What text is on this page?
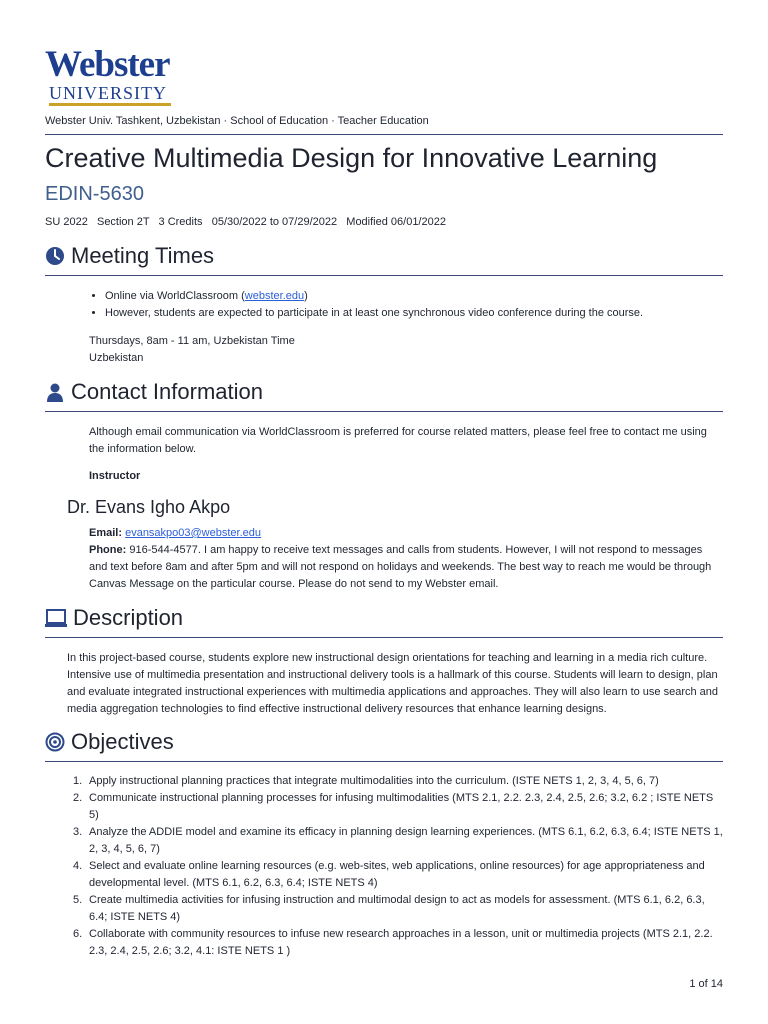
Webster
UNIVERSITY
Webster Univ. Tashkent, Uzbekistan · School of Education · Teacher Education
Creative Multimedia Design for Innovative Learning
EDIN-5630
SU 2022   Section 2T   3 Credits   05/30/2022 to 07/29/2022   Modified 06/01/2022
Meeting Times
• Online via WorldClassroom (webster.edu)
• However, students are expected to participate in at least one synchronous video conference during the course.
Thursdays, 8am - 11 am, Uzbekistan Time
Uzbekistan
Contact Information
Although email communication via WorldClassroom is preferred for course related matters, please feel free to contact me using the information below.
Instructor
Dr. Evans Igho Akpo
Email: evansakpo03@webster.edu
Phone: 916-544-4577. I am happy to receive text messages and calls from students. However, I will not respond to messages and text before 8am and after 5pm and will not respond on holidays and weekends. The best way to reach me would be through Canvas Message on the particular course. Please do not send to my Webster email.
Description
In this project-based course, students explore new instructional design orientations for teaching and learning in a media rich culture. Intensive use of multimedia presentation and instructional delivery tools is a hallmark of this course. Students will learn to design, plan and evaluate integrated instructional experiences with multimedia applications and approaches. They will also learn to use search and media aggregation technologies to find effective instructional delivery resources that enhance learning designs.
Objectives
1. Apply instructional planning practices that integrate multimodalities into the curriculum. (ISTE NETS 1, 2, 3, 4, 5, 6, 7)
2. Communicate instructional planning processes for infusing multimodalities (MTS 2.1, 2.2. 2.3, 2.4, 2.5, 2.6; 3.2, 6.2 ; ISTE NETS 5)
3. Analyze the ADDIE model and examine its efficacy in planning design learning experiences. (MTS 6.1, 6.2, 6.3, 6.4; ISTE NETS 1, 2, 3, 4, 5, 6, 7)
4. Select and evaluate online learning resources (e.g. web-sites, web applications, online resources) for age appropriateness and developmental level. (MTS 6.1, 6.2, 6.3, 6.4; ISTE NETS 4)
5. Create multimedia activities for infusing instruction and multimodal design to act as models for assessment. (MTS 6.1, 6.2, 6.3, 6.4; ISTE NETS 4)
6. Collaborate with community resources to infuse new research approaches in a lesson, unit or multimedia projects (MTS 2.1, 2.2. 2.3, 2.4, 2.5, 2.6; 3.2, 4.1: ISTE NETS 1 )
1 of 14
